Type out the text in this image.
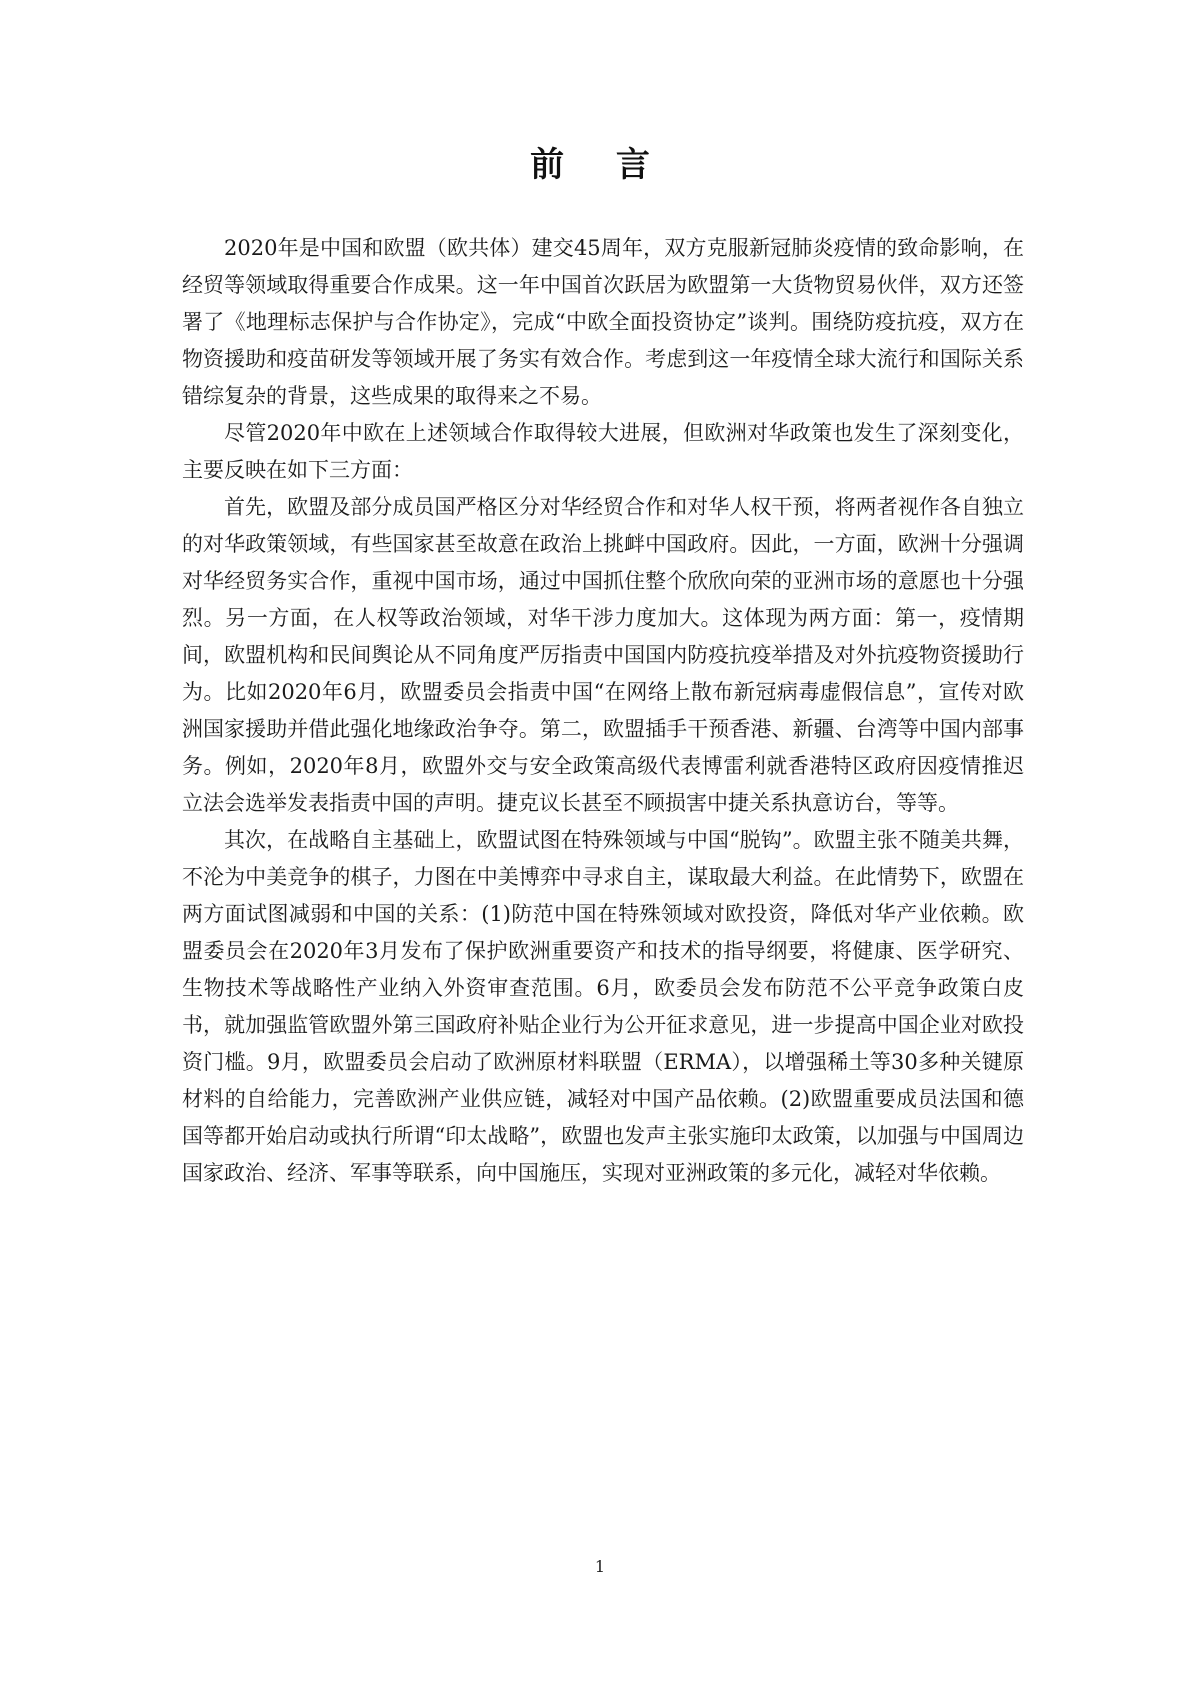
前 言

2020年是中国和欧盟（欧共体）建交45周年，双方克服新冠肺炎疫情的致命影响，在经贸等领域取得重要合作成果。这一年中国首次跃居为欧盟第一大货物贸易伙伴，双方还签署了《地理标志保护与合作协定》，完成“中欧全面投资协定”谈判。围绕防疫抗疫，双方在物资援助和疫苗研发等领域开展了务实有效合作。考虑到这一年疫情全球大流行和国际关系错综复杂的背景，这些成果的取得来之不易。

尽管2020年中欧在上述领域合作取得较大进展，但欧洲对华政策也发生了深刻变化，主要反映在如下三方面：

首先，欧盟及部分成员国严格区分对华经贸合作和对华人权干预，将两者视作各自独立的对华政策领域，有些国家甚至故意在政治上挑衅中国政府。因此，一方面，欧洲十分强调对华经贸务实合作，重视中国市场，通过中国抓住整个欣欣向荣的亚洲市场的意愿也十分强烈。另一方面，在人权等政治领域，对华干涉力度加大。这体现为两方面：第一，疫情期间，欧盟机构和民间舆论从不同角度严厉指责中国国内防疫抗疫举措及对外抗疫物资援助行为。比如2020年6月，欧盟委员会指责中国“在网络上散布新冠病毒虚假信息”，宣传对欧洲国家援助并借此强化地缘政治争夺。第二，欧盟插手干预香港、新疆、台湾等中国内部事务。例如，2020年8月，欧盟外交与安全政策高级代表博雷利就香港特区政府因疫情推迟立法会选举发表指责中国的声明。捷克议长甚至不顾损害中捷关系执意访台，等等。

其次，在战略自主基础上，欧盟试图在特殊领域与中国“脱钩”。欧盟主张不随美共舞，不沦为中美竞争的棋子，力图在中美博弈中寻求自主，谋取最大利益。在此情势下，欧盟在两方面试图减弱和中国的关系：(1)防范中国在特殊领域对欧投资，降低对华产业依赖。欧盟委员会在2020年3月发布了保护欧洲重要资产和技术的指导纲要，将健康、医学研究、生物技术等战略性产业纳入外资审查范围。6月，欧委员会发布防范不公平竞争政策白皮书，就加强监管欧盟外第三国政府补贴企业行为公开征求意见，进一步提高中国企业对欧投资门槛。9月，欧盟委员会启动了欧洲原材料联盟（ERMA），以增强稀土等30多种关键原材料的自给能力，完善欧洲产业供应链，减轻对中国产品依赖。(2)欧盟重要成员法国和德国等都开始启动或执行所谓“印太战略”，欧盟也发声主张实施印太政策，以加强与中国周边国家政治、经济、军事等联系，向中国施压，实现对亚洲政策的多元化，减轻对华依赖。

1
